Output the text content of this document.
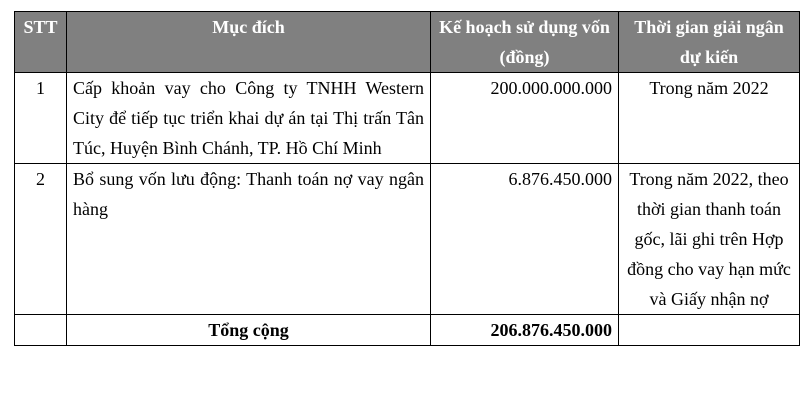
STT	Mục đích	Kế hoạch sử dụng vốn (đồng)	Thời gian giải ngân dự kiến
1	Cấp khoản vay cho Công ty TNHH Western City để tiếp tục triển khai dự án tại Thị trấn Tân Túc, Huyện Bình Chánh, TP. Hồ Chí Minh	200.000.000.000	Trong năm 2022
2	Bổ sung vốn lưu động: Thanh toán nợ vay ngân hàng	6.876.450.000	Trong năm 2022, theo thời gian thanh toán gốc, lãi ghi trên Hợp đồng cho vay hạn mức và Giấy nhận nợ
	Tổng cộng	206.876.450.000	
